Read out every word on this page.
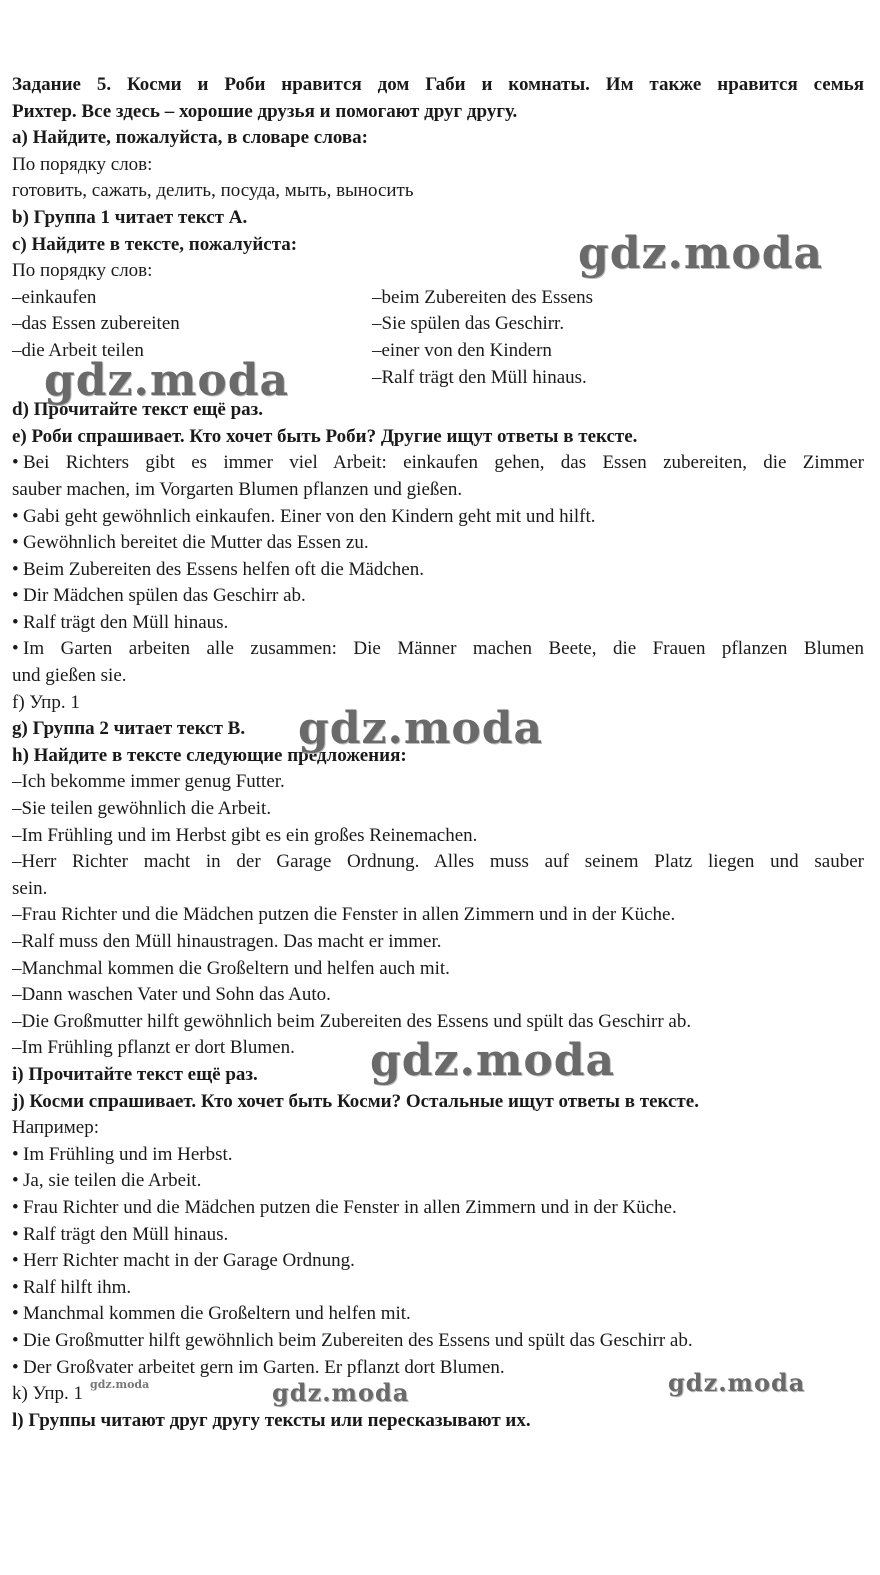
Задание 5. Косми и Роби нравится дом Габи и комнаты. Им также нравится семья
Рихтер. Все здесь – хорошие друзья и помогают друг другу.
a) Найдите, пожалуйста, в словаре слова:
По порядку слов:
готовить, сажать, делить, посуда, мыть, выносить
b) Группа 1 читает текст A.
c) Найдите в тексте, пожалуйста:
По порядку слов:
–einkaufen
–das Essen zubereiten
–die Arbeit teilen
–beim Zubereiten des Essens
–Sie spülen das Geschirr.
–einer von den Kindern
–Ralf trägt den Müll hinaus.
d) Прочитайте текст ещё раз.
e) Роби спрашивает. Кто хочет быть Роби? Другие ищут ответы в тексте.
• Bei Richters gibt es immer viel Arbeit: einkaufen gehen, das Essen zubereiten, die Zimmer
sauber machen, im Vorgarten Blumen pflanzen und gießen.
• Gabi geht gewöhnlich einkaufen. Einer von den Kindern geht mit und hilft.
• Gewöhnlich bereitet die Mutter das Essen zu.
• Beim Zubereiten des Essens helfen oft die Mädchen.
• Dir Mädchen spülen das Geschirr ab.
• Ralf trägt den Müll hinaus.
• Im Garten arbeiten alle zusammen: Die Männer machen Beete, die Frauen pflanzen Blumen
und gießen sie.
f) Упр. 1
g) Группа 2 читает текст B.
h) Найдите в тексте следующие предложения:
–Ich bekomme immer genug Futter.
–Sie teilen gewöhnlich die Arbeit.
–Im Frühling und im Herbst gibt es ein großes Reinemachen.
–Herr Richter macht in der Garage Ordnung. Alles muss auf seinem Platz liegen und sauber
sein.
–Frau Richter und die Mädchen putzen die Fenster in allen Zimmern und in der Küche.
–Ralf muss den Müll hinaustragen. Das macht er immer.
–Manchmal kommen die Großeltern und helfen auch mit.
–Dann waschen Vater und Sohn das Auto.
–Die Großmutter hilft gewöhnlich beim Zubereiten des Essens und spült das Geschirr ab.
–Im Frühling pflanzt er dort Blumen.
i) Прочитайте текст ещё раз.
j) Косми спрашивает. Кто хочет быть Косми? Остальные ищут ответы в тексте.
Например:
• Im Frühling und im Herbst.
• Ja, sie teilen die Arbeit.
• Frau Richter und die Mädchen putzen die Fenster in allen Zimmern und in der Küche.
• Ralf trägt den Müll hinaus.
• Herr Richter macht in der Garage Ordnung.
• Ralf hilft ihm.
• Manchmal kommen die Großeltern und helfen mit.
• Die Großmutter hilft gewöhnlich beim Zubereiten des Essens und spült das Geschirr ab.
• Der Großvater arbeitet gern im Garten. Er pflanzt dort Blumen.
k) Упр. 1
l) Группы читают друг другу тексты или пересказывают их.
gdz.moda
gdz.moda
gdz.moda
gdz.moda
gdz.moda	gdz.moda
gdz.moda
